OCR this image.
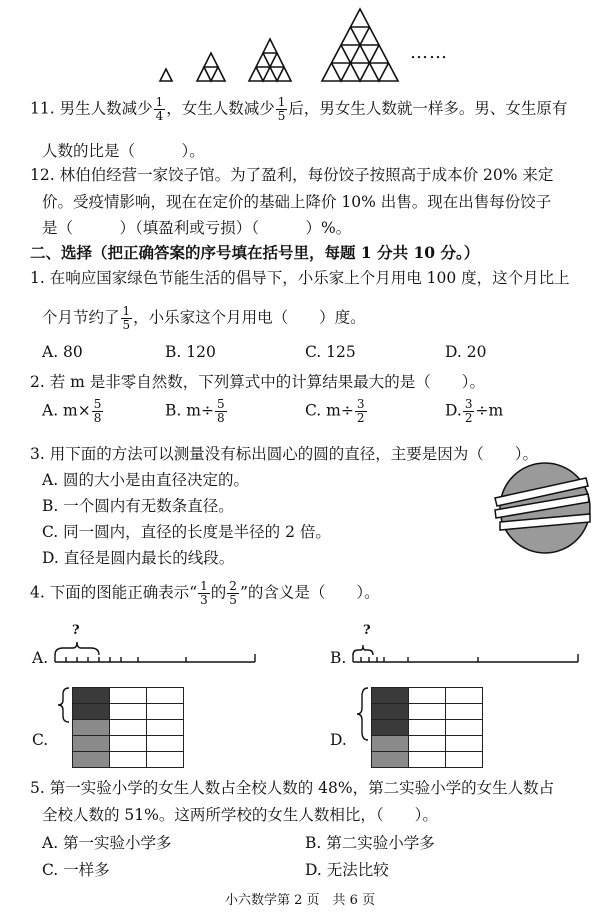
……
11. 男生人数减少 $\frac{1}{4}$ ，女生人数减少 $\frac{1}{5}$ 后，男女生人数就一样多。男、女生原有
人数的比是（　　　）。
12. 林伯伯经营一家饺子馆。为了盈利，每份饺子按照高于成本价 20% 来定
价。受疫情影响，现在在定价的基础上降价 10% 出售。现在出售每份饺子
是（　　　）（填盈利或亏损）（　　　）%。
二、选择（把正确答案的序号填在括号里，每题 1 分共 10 分。）
1. 在响应国家绿色节能生活的倡导下，小乐家上个月用电 100 度，这个月比上
个月节约了 $\frac{1}{5}$ ，小乐家这个月用电（　　）度。
A. 80	B. 120	C. 125	D. 20
2. 若 m 是非零自然数，下列算式中的计算结果最大的是（　　）。
A. $m\times \frac{5}{8}$	B. $m\div \frac{5}{8}$	C. $m\div \frac{3}{2}$	D. $\frac{3}{2} \div m$
3. 用下面的方法可以测量没有标出圆心的圆的直径，主要是因为（　　）。
A. 圆的大小是由直径决定的。
B. 一个圆内有无数条直径。
C. 同一圆内，直径的长度是半径的 2 倍。
D. 直径是圆内最长的线段。
4. 下面的图能正确表示“ $\frac{1}{3}$ 的 $\frac{2}{5}$ ”的含义是（　　）。
A.
?
B.
?
C.

			D.

5. 第一实验小学的女生人数占全校人数的 48%，第二实验小学的女生人数占
全校人数的 51%。这两所学校的女生人数相比，（　　）。
A. 第一实验小学多	B. 第二实验小学多
C. 一样多	D. 无法比较
小六数学第 2 页　共 6 页
